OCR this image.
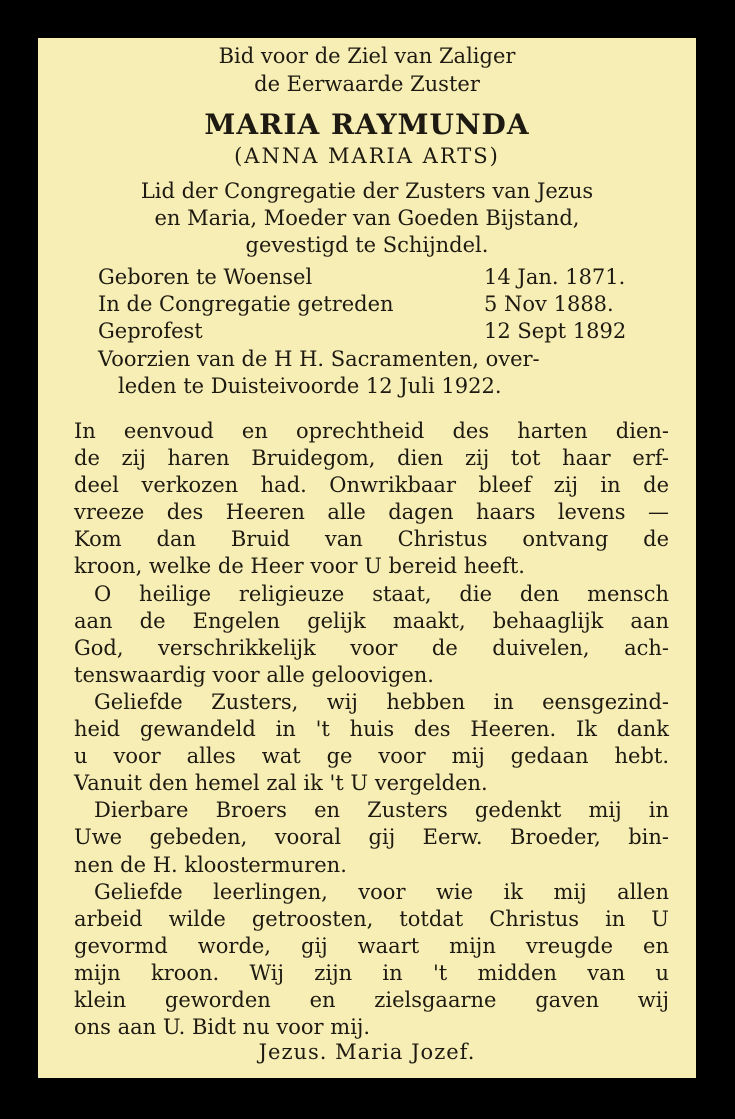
Bid voor de Ziel van Zaliger
de Eerwaarde Zuster
MARIA RAYMUNDA
(ANNA MARIA ARTS)
Lid der Congregatie der Zusters van Jezus
en Maria, Moeder van Goeden Bijstand,
gevestigd te Schijndel.
Geboren te Woensel	14 Jan. 1871.
In de Congregatie getreden	5 Nov 1888.
Geprofest	12 Sept 1892
Voorzien van de H H. Sacramenten, over-
leden te Duisteivoorde 12 Juli 1922.
In eenvoud en oprechtheid des harten dien-
de zij haren Bruidegom, dien zij tot haar erf-
deel verkozen had. Onwrikbaar bleef zij in de
vreeze des Heeren alle dagen haars levens —
Kom dan Bruid van Christus ontvang de
kroon, welke de Heer voor U bereid heeft.
O heilige religieuze staat, die den mensch
aan de Engelen gelijk maakt, behaaglijk aan
God, verschrikkelijk voor de duivelen, ach-
tenswaardig voor alle geloovigen.
Geliefde Zusters, wij hebben in eensgezind-
heid gewandeld in 't huis des Heeren. Ik dank
u voor alles wat ge voor mij gedaan hebt.
Vanuit den hemel zal ik 't U vergelden.
Dierbare Broers en Zusters gedenkt mij in
Uwe gebeden, vooral gij Eerw. Broeder, bin-
nen de H. kloostermuren.
Geliefde leerlingen, voor wie ik mij allen
arbeid wilde getroosten, totdat Christus in U
gevormd worde, gij waart mijn vreugde en
mijn kroon. Wij zijn in 't midden van u
klein geworden en zielsgaarne gaven wij
ons aan U. Bidt nu voor mij.
Jezus. Maria Jozef.
